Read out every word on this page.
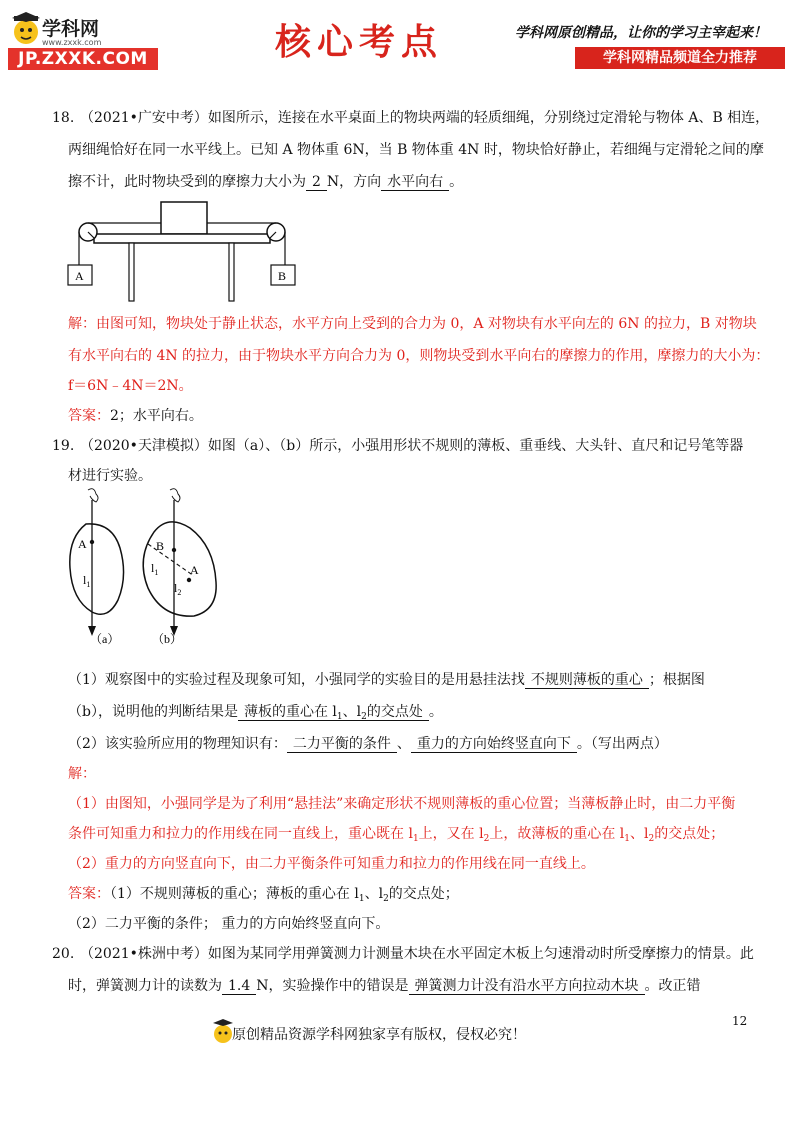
学科网
www.zxxk.com
JP.ZXXK.COM	核心考点	学科网原创精品，让你的学习主宰起来！
学科网精品频道全力推荐
18. （2021•广安中考）如图所示，连接在水平桌面上的物块两端的轻质细绳，分别绕过定滑轮与物体 A、B 相连，
两细绳恰好在同一水平线上。已知 A 物体重 6N，当 B 物体重 4N 时，物块恰好静止，若细绳与定滑轮之间的摩
擦不计，此时物块受到的摩擦力大小为 2 N，方向 水平向右 。
A	B
解：由图可知，物块处于静止状态，水平方向上受到的合力为 0，A 对物块有水平向左的 6N 的拉力，B 对物块
有水平向右的 4N 的拉力，由于物块水平方向合力为 0，则物块受到水平向右的摩擦力的作用，摩擦力的大小为：
f＝6N﹣4N＝2N。
答案：2；水平向右。
19. （2020•天津模拟）如图（a）、（b）所示，小强用形状不规则的薄板、重垂线、大头针、直尺和记号笔等器
材进行实验。
A
$l_1$
（a）
B
A
$l_1$
$l_2$
（b）
（1）观察图中的实验过程及现象可知，小强同学的实验目的是用悬挂法找 不规则薄板的重心 ；根据图
（b），说明他的判断结果是 薄板的重心在 $l_1$、$l_2$的交点处 。
（2）该实验所应用的物理知识有： 二力平衡的条件 、 重力的方向始终竖直向下 。（写出两点）
解：
（1）由图知，小强同学是为了利用“悬挂法”来确定形状不规则薄板的重心位置；当薄板静止时，由二力平衡
条件可知重力和拉力的作用线在同一直线上，重心既在 $l_1$上，又在 $l_2$上，故薄板的重心在 $l_1$、$l_2$的交点处；
（2）重力的方向竖直向下，由二力平衡条件可知重力和拉力的作用线在同一直线上。
答案：（1）不规则薄板的重心；薄板的重心在 $l_1$、$l_2$的交点处；
（2）二力平衡的条件； 重力的方向始终竖直向下。
20. （2021•株洲中考）如图为某同学用弹簧测力计测量木块在水平固定木板上匀速滑动时所受摩擦力的情景。此
时，弹簧测力计的读数为 1.4 N，实验操作中的错误是 弹簧测力计没有沿水平方向拉动木块 。改正错
原创精品资源学科网独家享有版权，侵权必究！
12
